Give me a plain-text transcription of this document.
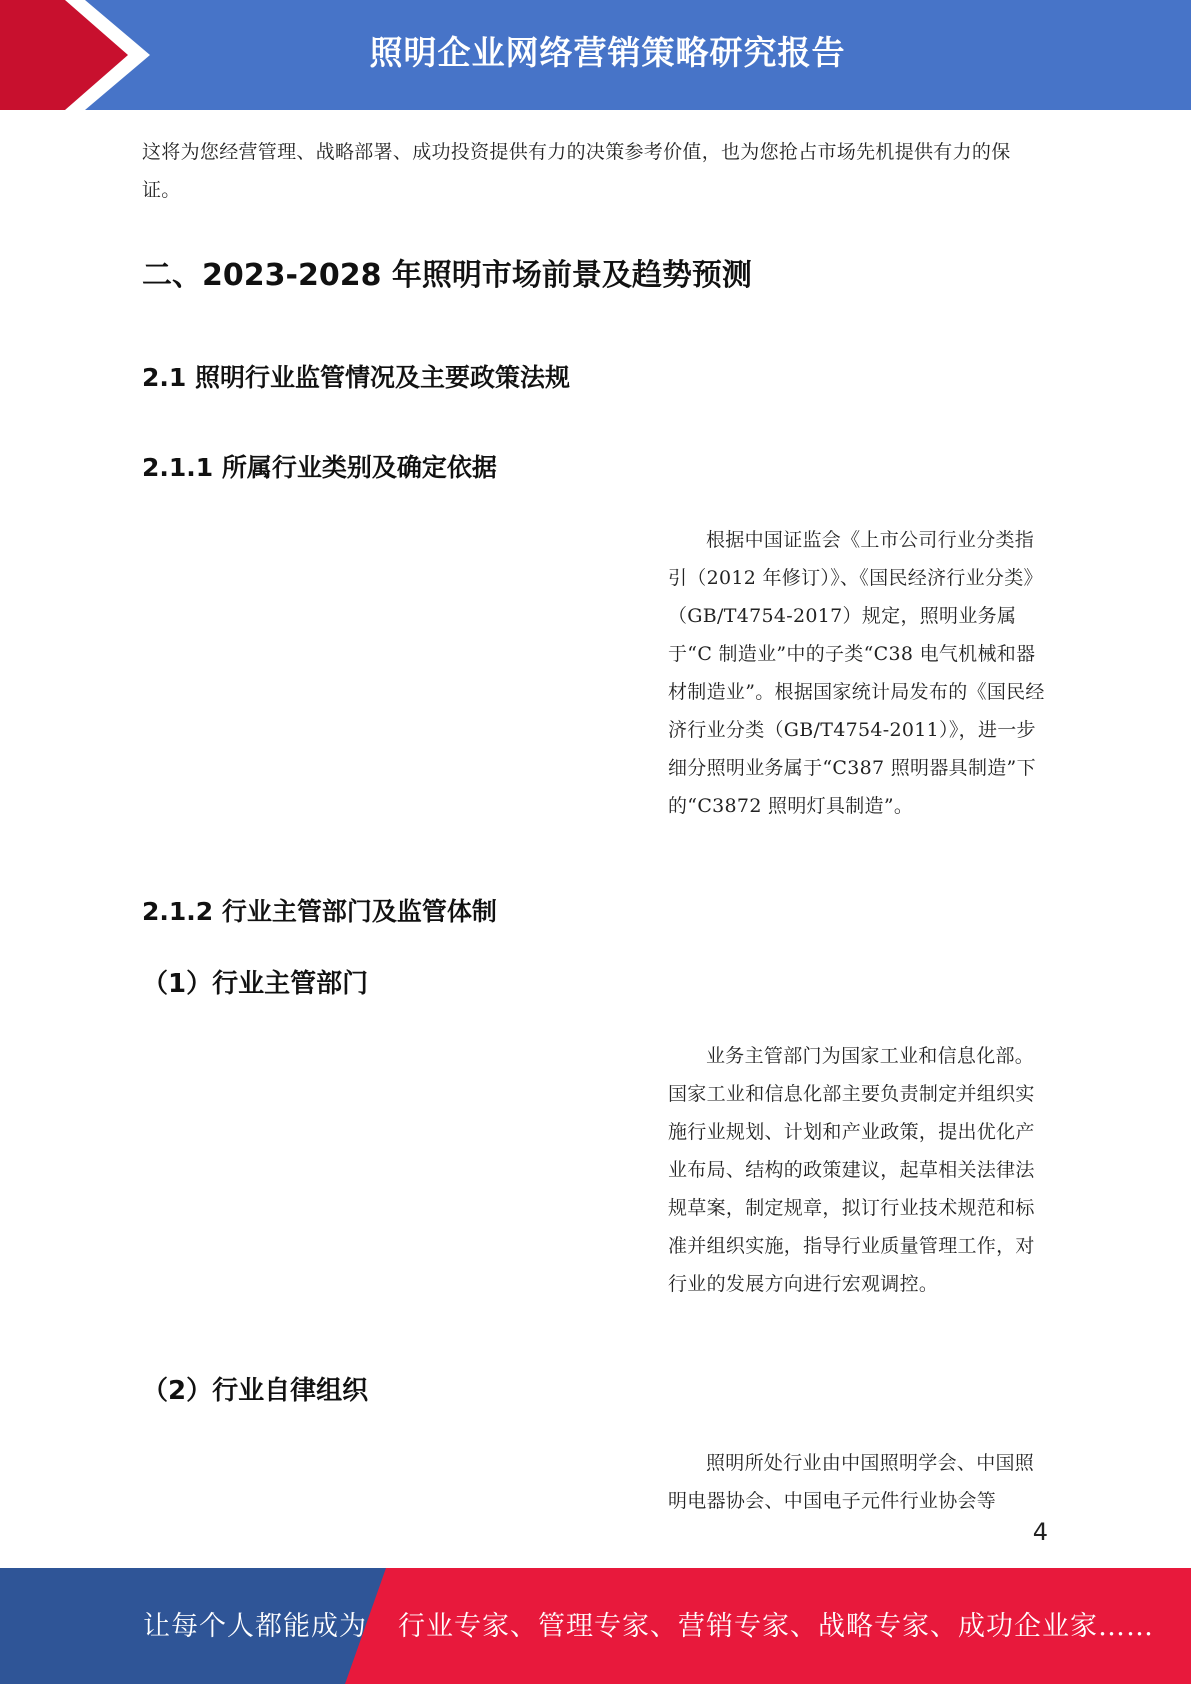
照明企业网络营销策略研究报告

这将为您经营管理、战略部署、成功投资提供有力的决策参考价值，也为您抢占市场先机提供有力的保证。

二、2023-2028 年照明市场前景及趋势预测
2.1 照明行业监管情况及主要政策法规
2.1.1 所属行业类别及确定依据

根据中国证监会《上市公司行业分类指引（2012 年修订）》、《国民经济行业分类》（GB/T4754-2017）规定，照明业务属于“C 制造业”中的子类“C38 电气机械和器材制造业”。根据国家统计局发布的《国民经济行业分类（GB/T4754-2011）》，进一步细分照明业务属于“C387 照明器具制造”下的“C3872 照明灯具制造”。

2.1.2 行业主管部门及监管体制
（1）行业主管部门

业务主管部门为国家工业和信息化部。国家工业和信息化部主要负责制定并组织实施行业规划、计划和产业政策，提出优化产业布局、结构的政策建议，起草相关法律法规草案，制定规章，拟订行业技术规范和标准并组织实施，指导行业质量管理工作，对行业的发展方向进行宏观调控。

（2）行业自律组织

照明所处行业由中国照明学会、中国照明电器协会、中国电子元件行业协会等

4
让每个人都能成为 行业专家、管理专家、营销专家、战略专家、成功企业家……
